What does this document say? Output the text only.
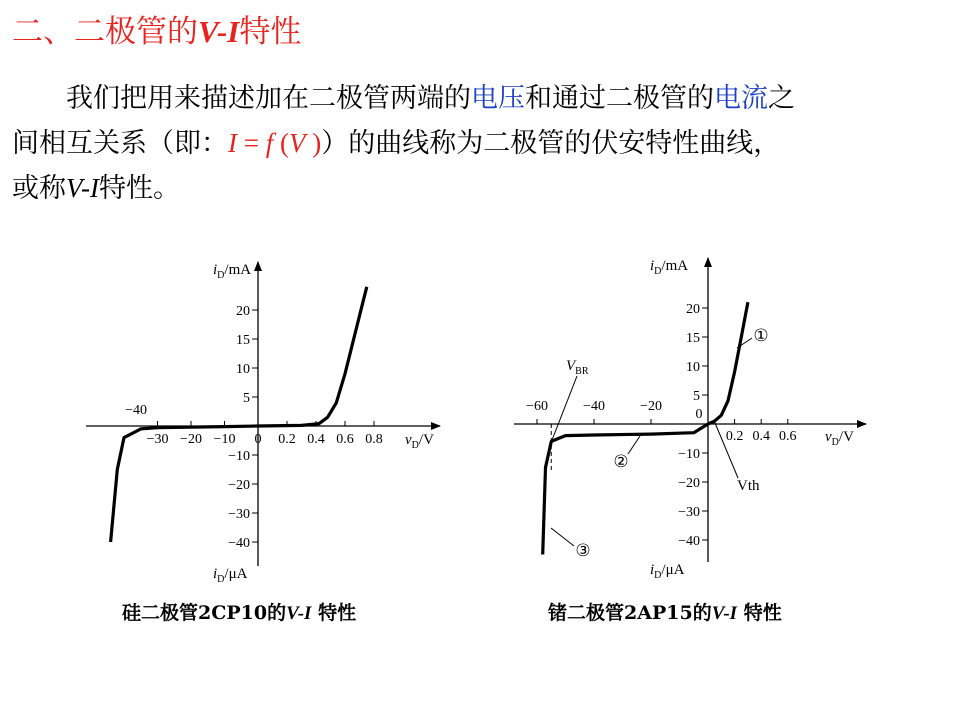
二、二极管的V-I特性
　　我们把用来描述加在二极管两端的电压和通过二极管的电流之
间相互关系（即：I = f (V )）的曲线称为二极管的伏安特性曲线，
或称V-I特性。
20
15
10
5
−10
−20
−30
−40
0.2 0.4 0.6 0.8
−30 −20 −10 0
−40
$i_D/mA$
$i_D/\mu A$
$v_D/V$
20
15
10
5
−10
−20
−30
−40
0.2 0.4 0.6
−60	−40	−20
0
$i_D/mA$
$i_D/\mu A$
$v_D/V$
$V_{BR}$
Vth
①
②
③
硅二极管2CP10的V-I 特性	锗二极管2AP15的V-I 特性
